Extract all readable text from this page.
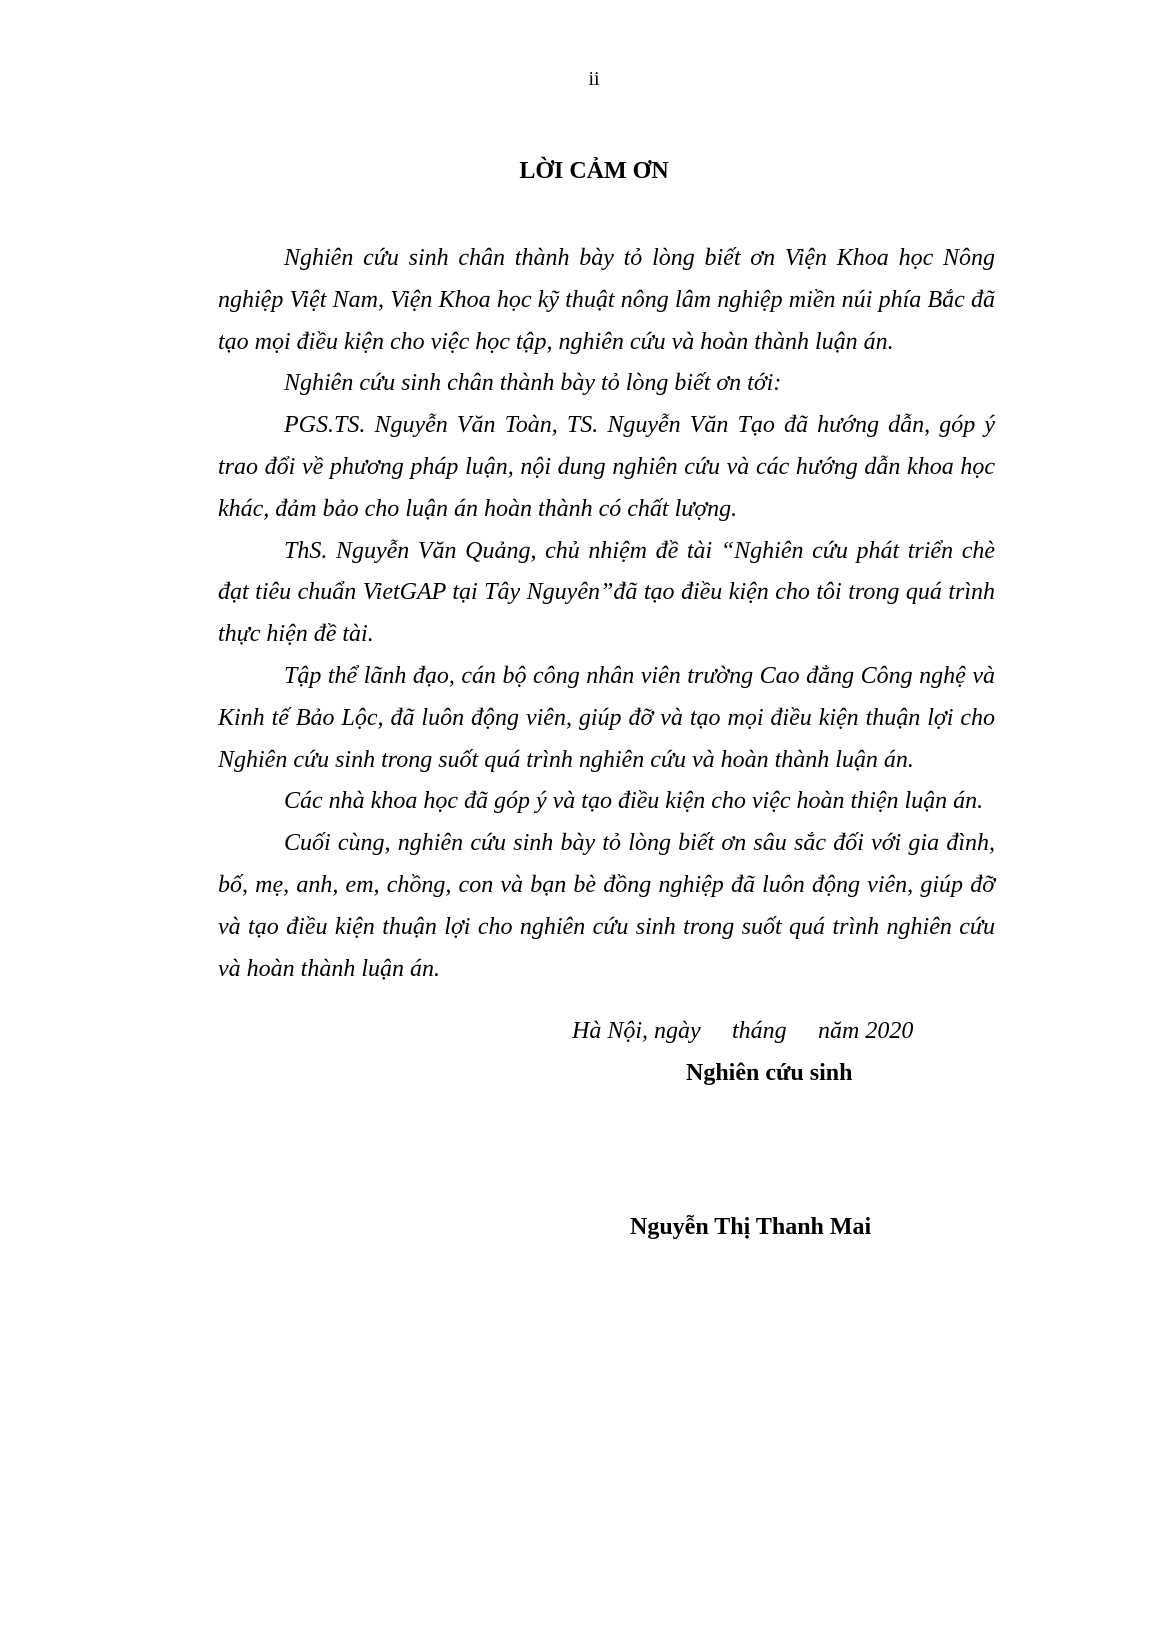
ii
LỜI CẢM ƠN

Nghiên cứu sinh chân thành bày tỏ lòng biết ơn Viện Khoa học Nông nghiệp Việt Nam, Viện Khoa học kỹ thuật nông lâm nghiệp miền núi phía Bắc đã tạo mọi điều kiện cho việc học tập, nghiên cứu và hoàn thành luận án.

Nghiên cứu sinh chân thành bày tỏ lòng biết ơn tới:

PGS.TS. Nguyễn Văn Toàn, TS. Nguyễn Văn Tạo đã hướng dẫn, góp ý trao đổi về phương pháp luận, nội dung nghiên cứu và các hướng dẫn khoa học khác, đảm bảo cho luận án hoàn thành có chất lượng.

ThS. Nguyễn Văn Quảng, chủ nhiệm đề tài “Nghiên cứu phát triển chè đạt tiêu chuẩn VietGAP tại Tây Nguyên”đã tạo điều kiện cho tôi trong quá trình thực hiện đề tài.

Tập thể lãnh đạo, cán bộ công nhân viên trường Cao đẳng Công nghệ và Kinh tế Bảo Lộc, đã luôn động viên, giúp đỡ và tạo mọi điều kiện thuận lợi cho Nghiên cứu sinh trong suốt quá trình nghiên cứu và hoàn thành luận án.

Các nhà khoa học đã góp ý và tạo điều kiện cho việc hoàn thiện luận án.

Cuối cùng, nghiên cứu sinh bày tỏ lòng biết ơn sâu sắc đối với gia đình, bố, mẹ, anh, em, chồng, con và bạn bè đồng nghiệp đã luôn động viên, giúp đỡ và tạo điều kiện thuận lợi cho nghiên cứu sinh trong suốt quá trình nghiên cứu và hoàn thành luận án.

Hà Nội, ngày tháng năm 2020
Nghiên cứu sinh
Nguyễn Thị Thanh Mai
